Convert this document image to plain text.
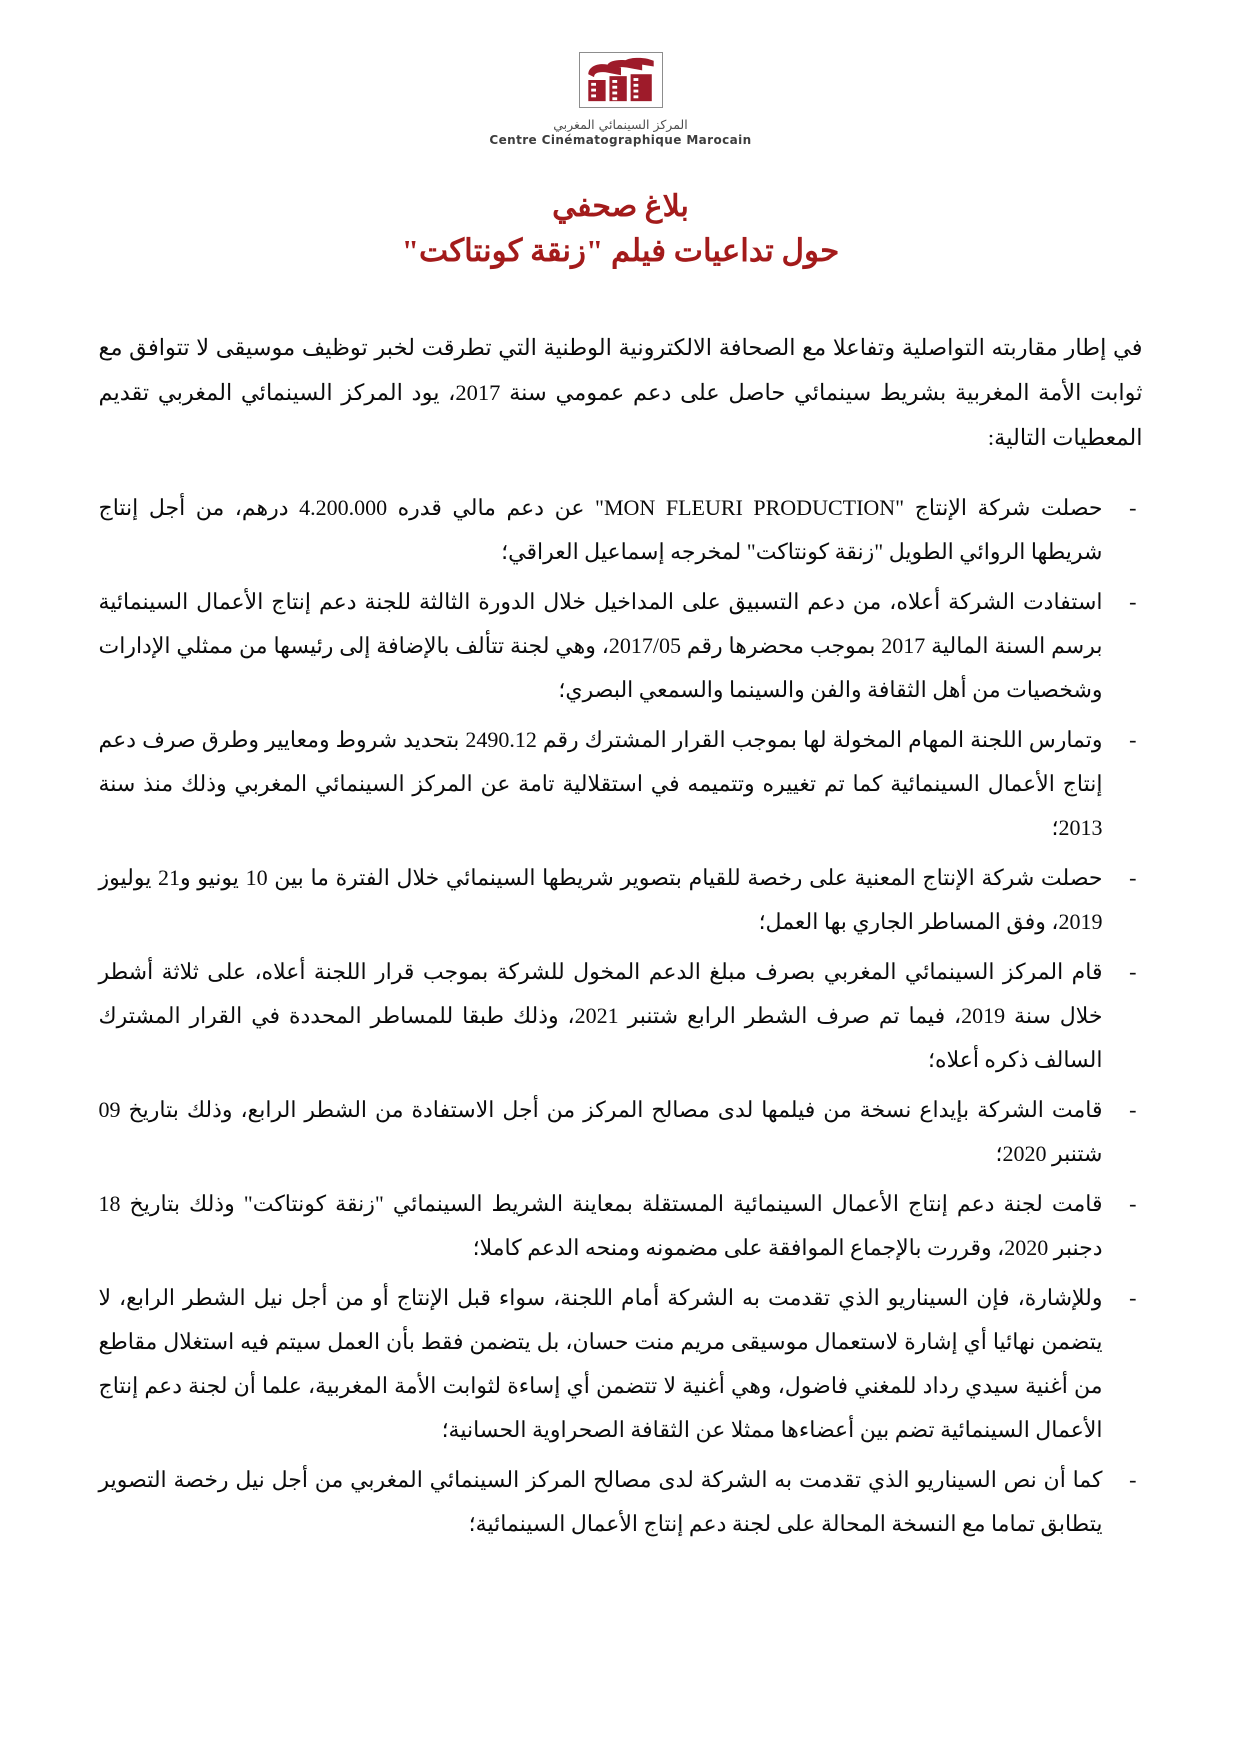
المركز السينمائي المغربي
Centre Cinématographique Marocain
بلاغ صحفي
حول تداعيات فيلم "زنقة كونتاكت"

في إطار مقاربته التواصلية وتفاعلا مع الصحافة الالكترونية الوطنية التي تطرقت لخبر توظيف موسيقى لا تتوافق مع ثوابت الأمة المغربية بشريط سينمائي حاصل على دعم عمومي سنة 2017، يود المركز السينمائي المغربي تقديم المعطيات التالية:

-
حصلت شركة الإنتاج "MON FLEURI PRODUCTION" عن دعم مالي قدره 4.200.000 درهم، من أجل إنتاج شريطها الروائي الطويل "زنقة كونتاكت" لمخرجه إسماعيل العراقي؛
-
استفادت الشركة أعلاه، من دعم التسبيق على المداخيل خلال الدورة الثالثة للجنة دعم إنتاج الأعمال السينمائية برسم السنة المالية 2017 بموجب محضرها رقم 2017/05، وهي لجنة تتألف بالإضافة إلى رئيسها من ممثلي الإدارات وشخصيات من أهل الثقافة والفن والسينما والسمعي البصري؛
-
وتمارس اللجنة المهام المخولة لها بموجب القرار المشترك رقم 2490.12 بتحديد شروط ومعايير وطرق صرف دعم إنتاج الأعمال السينمائية كما تم تغييره وتتميمه في استقلالية تامة عن المركز السينمائي المغربي وذلك منذ سنة 2013؛
-
حصلت شركة الإنتاج المعنية على رخصة للقيام بتصوير شريطها السينمائي خلال الفترة ما بين 10 يونيو و21 يوليوز 2019، وفق المساطر الجاري بها العمل؛
-
قام المركز السينمائي المغربي بصرف مبلغ الدعم المخول للشركة بموجب قرار اللجنة أعلاه، على ثلاثة أشطر خلال سنة 2019، فيما تم صرف الشطر الرابع شتنبر 2021، وذلك طبقا للمساطر المحددة في القرار المشترك السالف ذكره أعلاه؛
-
قامت الشركة بإيداع نسخة من فيلمها لدى مصالح المركز من أجل الاستفادة من الشطر الرابع، وذلك بتاريخ 09 شتنبر 2020؛
-
قامت لجنة دعم إنتاج الأعمال السينمائية المستقلة بمعاينة الشريط السينمائي "زنقة كونتاكت" وذلك بتاريخ 18 دجنبر 2020، وقررت بالإجماع الموافقة على مضمونه ومنحه الدعم كاملا؛
-
وللإشارة، فإن السيناريو الذي تقدمت به الشركة أمام اللجنة، سواء قبل الإنتاج أو من أجل نيل الشطر الرابع، لا يتضمن نهائيا أي إشارة لاستعمال موسيقى مريم منت حسان، بل يتضمن فقط بأن العمل سيتم فيه استغلال مقاطع من أغنية سيدي رداد للمغني فاضول، وهي أغنية لا تتضمن أي إساءة لثوابت الأمة المغربية، علما أن لجنة دعم إنتاج الأعمال السينمائية تضم بين أعضاءها ممثلا عن الثقافة الصحراوية الحسانية؛
-
كما أن نص السيناريو الذي تقدمت به الشركة لدى مصالح المركز السينمائي المغربي من أجل نيل رخصة التصوير يتطابق تماما مع النسخة المحالة على لجنة دعم إنتاج الأعمال السينمائية؛
